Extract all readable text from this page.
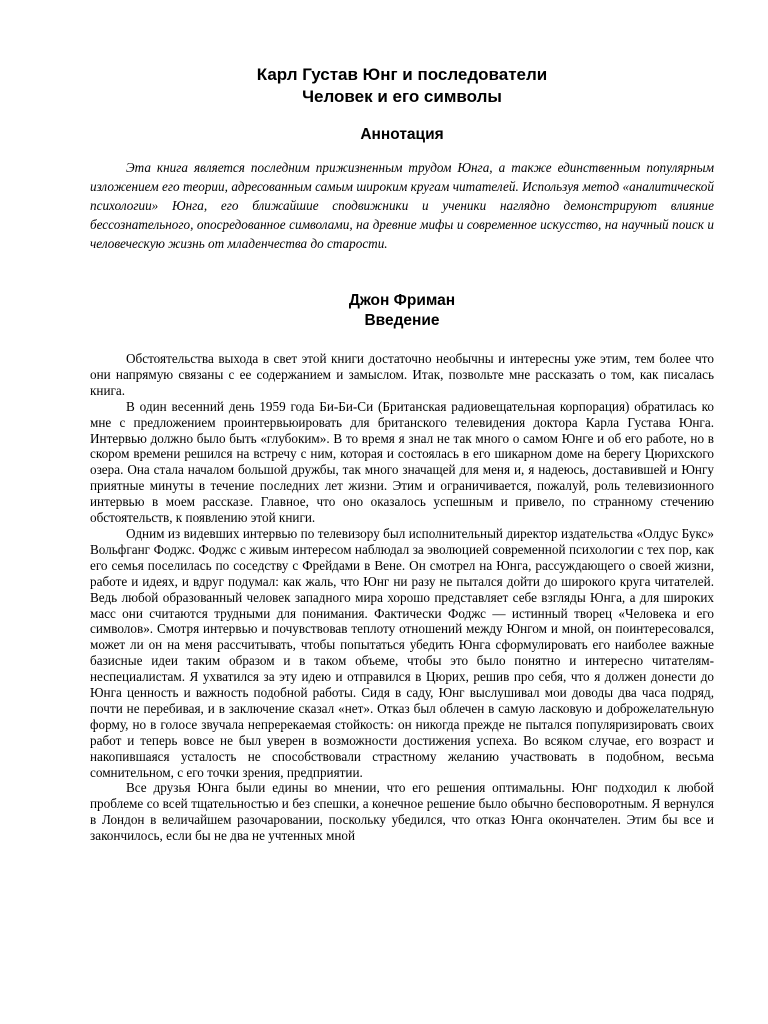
Карл Густав Юнг и последователи
Человек и его символы
Аннотация

Эта книга является последним прижизненным трудом Юнга, а также единственным популярным изложением его теории, адресованным самым широким кругам читателей. Используя метод «аналитической психологии» Юнга, его ближайшие сподвижники и ученики наглядно демонстрируют влияние бессознательного, опосредованное символами, на древние мифы и современное искусство, на научный поиск и человеческую жизнь от младенчества до старости.

Джон Фриман
Введение

Обстоятельства выхода в свет этой книги достаточно необычны и интересны уже этим, тем более что они напрямую связаны с ее содержанием и замыслом. Итак, позвольте мне рассказать о том, как писалась книга.

В один весенний день 1959 года Би-Би-Си (Британская радиовещательная корпорация) обратилась ко мне с предложением проинтервьюировать для британского телевидения доктора Карла Густава Юнга. Интервью должно было быть «глубоким». В то время я знал не так много о самом Юнге и об его работе, но в скором времени решился на встречу с ним, которая и состоялась в его шикарном доме на берегу Цюрихского озера. Она стала началом большой дружбы, так много значащей для меня и, я надеюсь, доставившей и Юнгу приятные минуты в течение последних лет жизни. Этим и ограничивается, пожалуй, роль телевизионного интервью в моем рассказе. Главное, что оно оказалось успешным и привело, по странному стечению обстоятельств, к появлению этой книги.

Одним из видевших интервью по телевизору был исполнительный директор издательства «Олдус Букс» Вольфганг Фоджс. Фоджс с живым интересом наблюдал за эволюцией современной психологии с тех пор, как его семья поселилась по соседству с Фрейдами в Вене. Он смотрел на Юнга, рассуждающего о своей жизни, работе и идеях, и вдруг подумал: как жаль, что Юнг ни разу не пытался дойти до широкого круга читателей. Ведь любой образованный человек западного мира хорошо представляет себе взгляды Юнга, а для широких масс они считаются трудными для понимания. Фактически Фоджс — истинный творец «Человека и его символов». Смотря интервью и почувствовав теплоту отношений между Юнгом и мной, он поинтересовался, может ли он на меня рассчитывать, чтобы попытаться убедить Юнга сформулировать его наиболее важные базисные идеи таким образом и в таком объеме, чтобы это было понятно и интересно читателям-неспециалистам. Я ухватился за эту идею и отправился в Цюрих, решив про себя, что я должен донести до Юнга ценность и важность подобной работы. Сидя в саду, Юнг выслушивал мои доводы два часа подряд, почти не перебивая, и в заключение сказал «нет». Отказ был облечен в самую ласковую и доброжелательную форму, но в голосе звучала непререкаемая стойкость: он никогда прежде не пытался популяризировать своих работ и теперь вовсе не был уверен в возможности достижения успеха. Во всяком случае, его возраст и накопившаяся усталость не способствовали страстному желанию участвовать в подобном, весьма сомнительном, с его точки зрения, предприятии.

Все друзья Юнга были едины во мнении, что его решения оптимальны. Юнг подходил к любой проблеме со всей тщательностью и без спешки, а конечное решение было обычно бесповоротным. Я вернулся в Лондон в величайшем разочаровании, поскольку убедился, что отказ Юнга окончателен. Этим бы все и закончилось, если бы не два не учтенных мной
